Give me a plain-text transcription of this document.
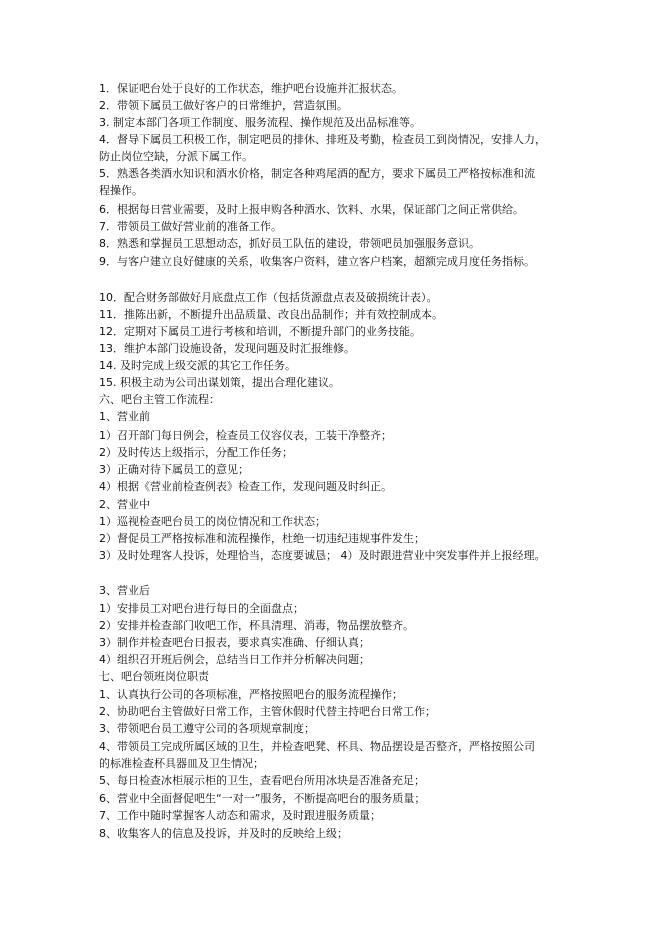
1．保证吧台处于良好的工作状态，维护吧台设施并汇报状态。
2．带领下属员工做好客户的日常维护，营造氛围。
3. 制定本部门各项工作制度、服务流程、操作规范及出品标准等。
4．督导下属员工积极工作，制定吧员的排休、排班及考勤，检查员工到岗情况，安排人力，
防止岗位空缺，分派下属工作。
5．熟悉各类酒水知识和酒水价格，制定各种鸡尾酒的配方，要求下属员工严格按标准和流
程操作。
6．根据每日营业需要，及时上报申购各种酒水、饮料、水果，保证部门之间正常供给。
7．带领员工做好营业前的准备工作。
8．熟悉和掌握员工思想动态，抓好员工队伍的建设，带领吧员加强服务意识。
9．与客户建立良好健康的关系，收集客户资料，建立客户档案，超额完成月度任务指标。
10．配合财务部做好月底盘点工作（包括货源盘点表及破损统计表）。
11．推陈出新，不断提升出品质量、改良出品制作；并有效控制成本。
12．定期对下属员工进行考核和培训，不断提升部门的业务技能。
13．维护本部门设施设备，发现问题及时汇报维修。
14. 及时完成上级交派的其它工作任务。
15. 积极主动为公司出谋划策，提出合理化建议。
六、吧台主管工作流程：
1、营业前
1）召开部门每日例会，检查员工仪容仪表，工装干净整齐；
2）及时传达上级指示，分配工作任务；
3）正确对待下属员工的意见；
4）根据《营业前检查例表》检查工作，发现问题及时纠正。
2、营业中
1）巡视检查吧台员工的岗位情况和工作状态；
2）督促员工严格按标准和流程操作，杜绝一切违纪违规事件发生；
3）及时处理客人投诉，处理恰当，态度要诚恳； 4）及时跟进营业中突发事件并上报经理。
3、营业后
1）安排员工对吧台进行每日的全面盘点；
2）安排并检查部门收吧工作，杯具清理、消毒，物品摆放整齐。
3）制作并检查吧台日报表，要求真实准确、仔细认真；
4）组织召开班后例会，总结当日工作并分析解决问题；
七、吧台领班岗位职责
1、认真执行公司的各项标准，严格按照吧台的服务流程操作；
2、协助吧台主管做好日常工作，主管休假时代替主持吧台日常工作；
3、带领吧台员工遵守公司的各项规章制度；
4、带领员工完成所属区域的卫生，并检查吧凳、杯具、物品摆设是否整齐，严格按照公司
的标准检查杯具器皿及卫生情况；
5、每日检查冰柜展示柜的卫生，查看吧台所用冰块是否准备充足；
6、营业中全面督促吧生“一对一”服务，不断提高吧台的服务质量；
7、工作中随时掌握客人动态和需求，及时跟进服务质量；
8、收集客人的信息及投诉，并及时的反映给上级；
